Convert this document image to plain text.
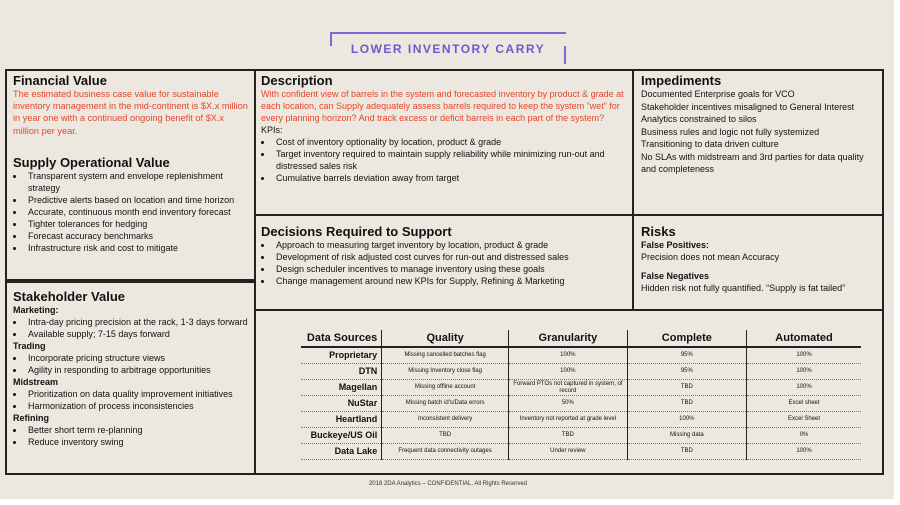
LOWER INVENTORY CARRY
Financial Value
The estimated business case value for sustainable inventory management in the mid-continent is $X.x million in year one with a continued ongoing benefit of $X.x million per year.
Supply Operational Value
• Transparent system and envelope replenishment strategy
• Predictive alerts based on location and time horizon
• Accurate, continuous month end inventory forecast
• Tighter tolerances for hedging
• Forecast accuracy benchmarks
• Infrastructure risk and cost to mitigate
Stakeholder Value
Marketing:
• Intra-day pricing precision at the rack, 1-3 days forward
• Available supply; 7-15 days forward
Trading
• Incorporate pricing structure views
• Agility in responding to arbitrage opportunities
Midstream
• Prioritization on data quality improvement initiatives
• Harmonization of process inconsistencies
Refining
• Better short term re-planning
• Reduce inventory swing
Description
With confident view of barrels in the system and forecasted inventory by product & grade at each location, can Supply adequately assess barrels required to keep the system “wet” for every planning horizon? And track excess or deficit barrels in each part of the system?
KPIs:
• Cost of inventory optionality by location, product & grade
• Target inventory required to maintain supply reliability while minimizing run-out and distressed sales risk
• Cumulative barrels deviation away from target
Decisions Required to Support
• Approach to measuring target inventory by location, product & grade
• Development of risk adjusted cost curves for run-out and distressed sales
• Design scheduler incentives to manage inventory using these goals
• Change management around new KPIs for Supply, Refining & Marketing
Impediments
Documented Enterprise goals for VCO
Stakeholder incentives misaligned to General Interest
Analytics constrained to silos
Business rules and logic not fully systemized
Transitioning to data driven culture
No SLAs with midstream and 3rd parties for data quality and completeness
Risks
False Positives:
Precision does not mean Accuracy
False Negatives
Hidden risk not fully quantified. “Supply is fat tailed”
Data Sources	Quality	Granularity	Complete	Automated
Proprietary	Missing cancelled batches flag	100%	95%	100%
DTN	Missing Inventory close flag	100%	95%	100%
Magellan	Missing offline account	Forward PTOs not captured in system, of record	TBD	100%
NuStar	Missing batch id's/Data errors	50%	TBD	Excel sheet
Heartland	Inconsistent delivery	Inventory not reported at grade level	100%	Excel Sheet
Buckeye/US Oil	TBD	TBD	Missing data	0%
Data Lake	Frequent data connectivity outages	Under review	TBD	100%
2018 2DA Analytics – CONFIDENTIAL. All Rights Reserved
